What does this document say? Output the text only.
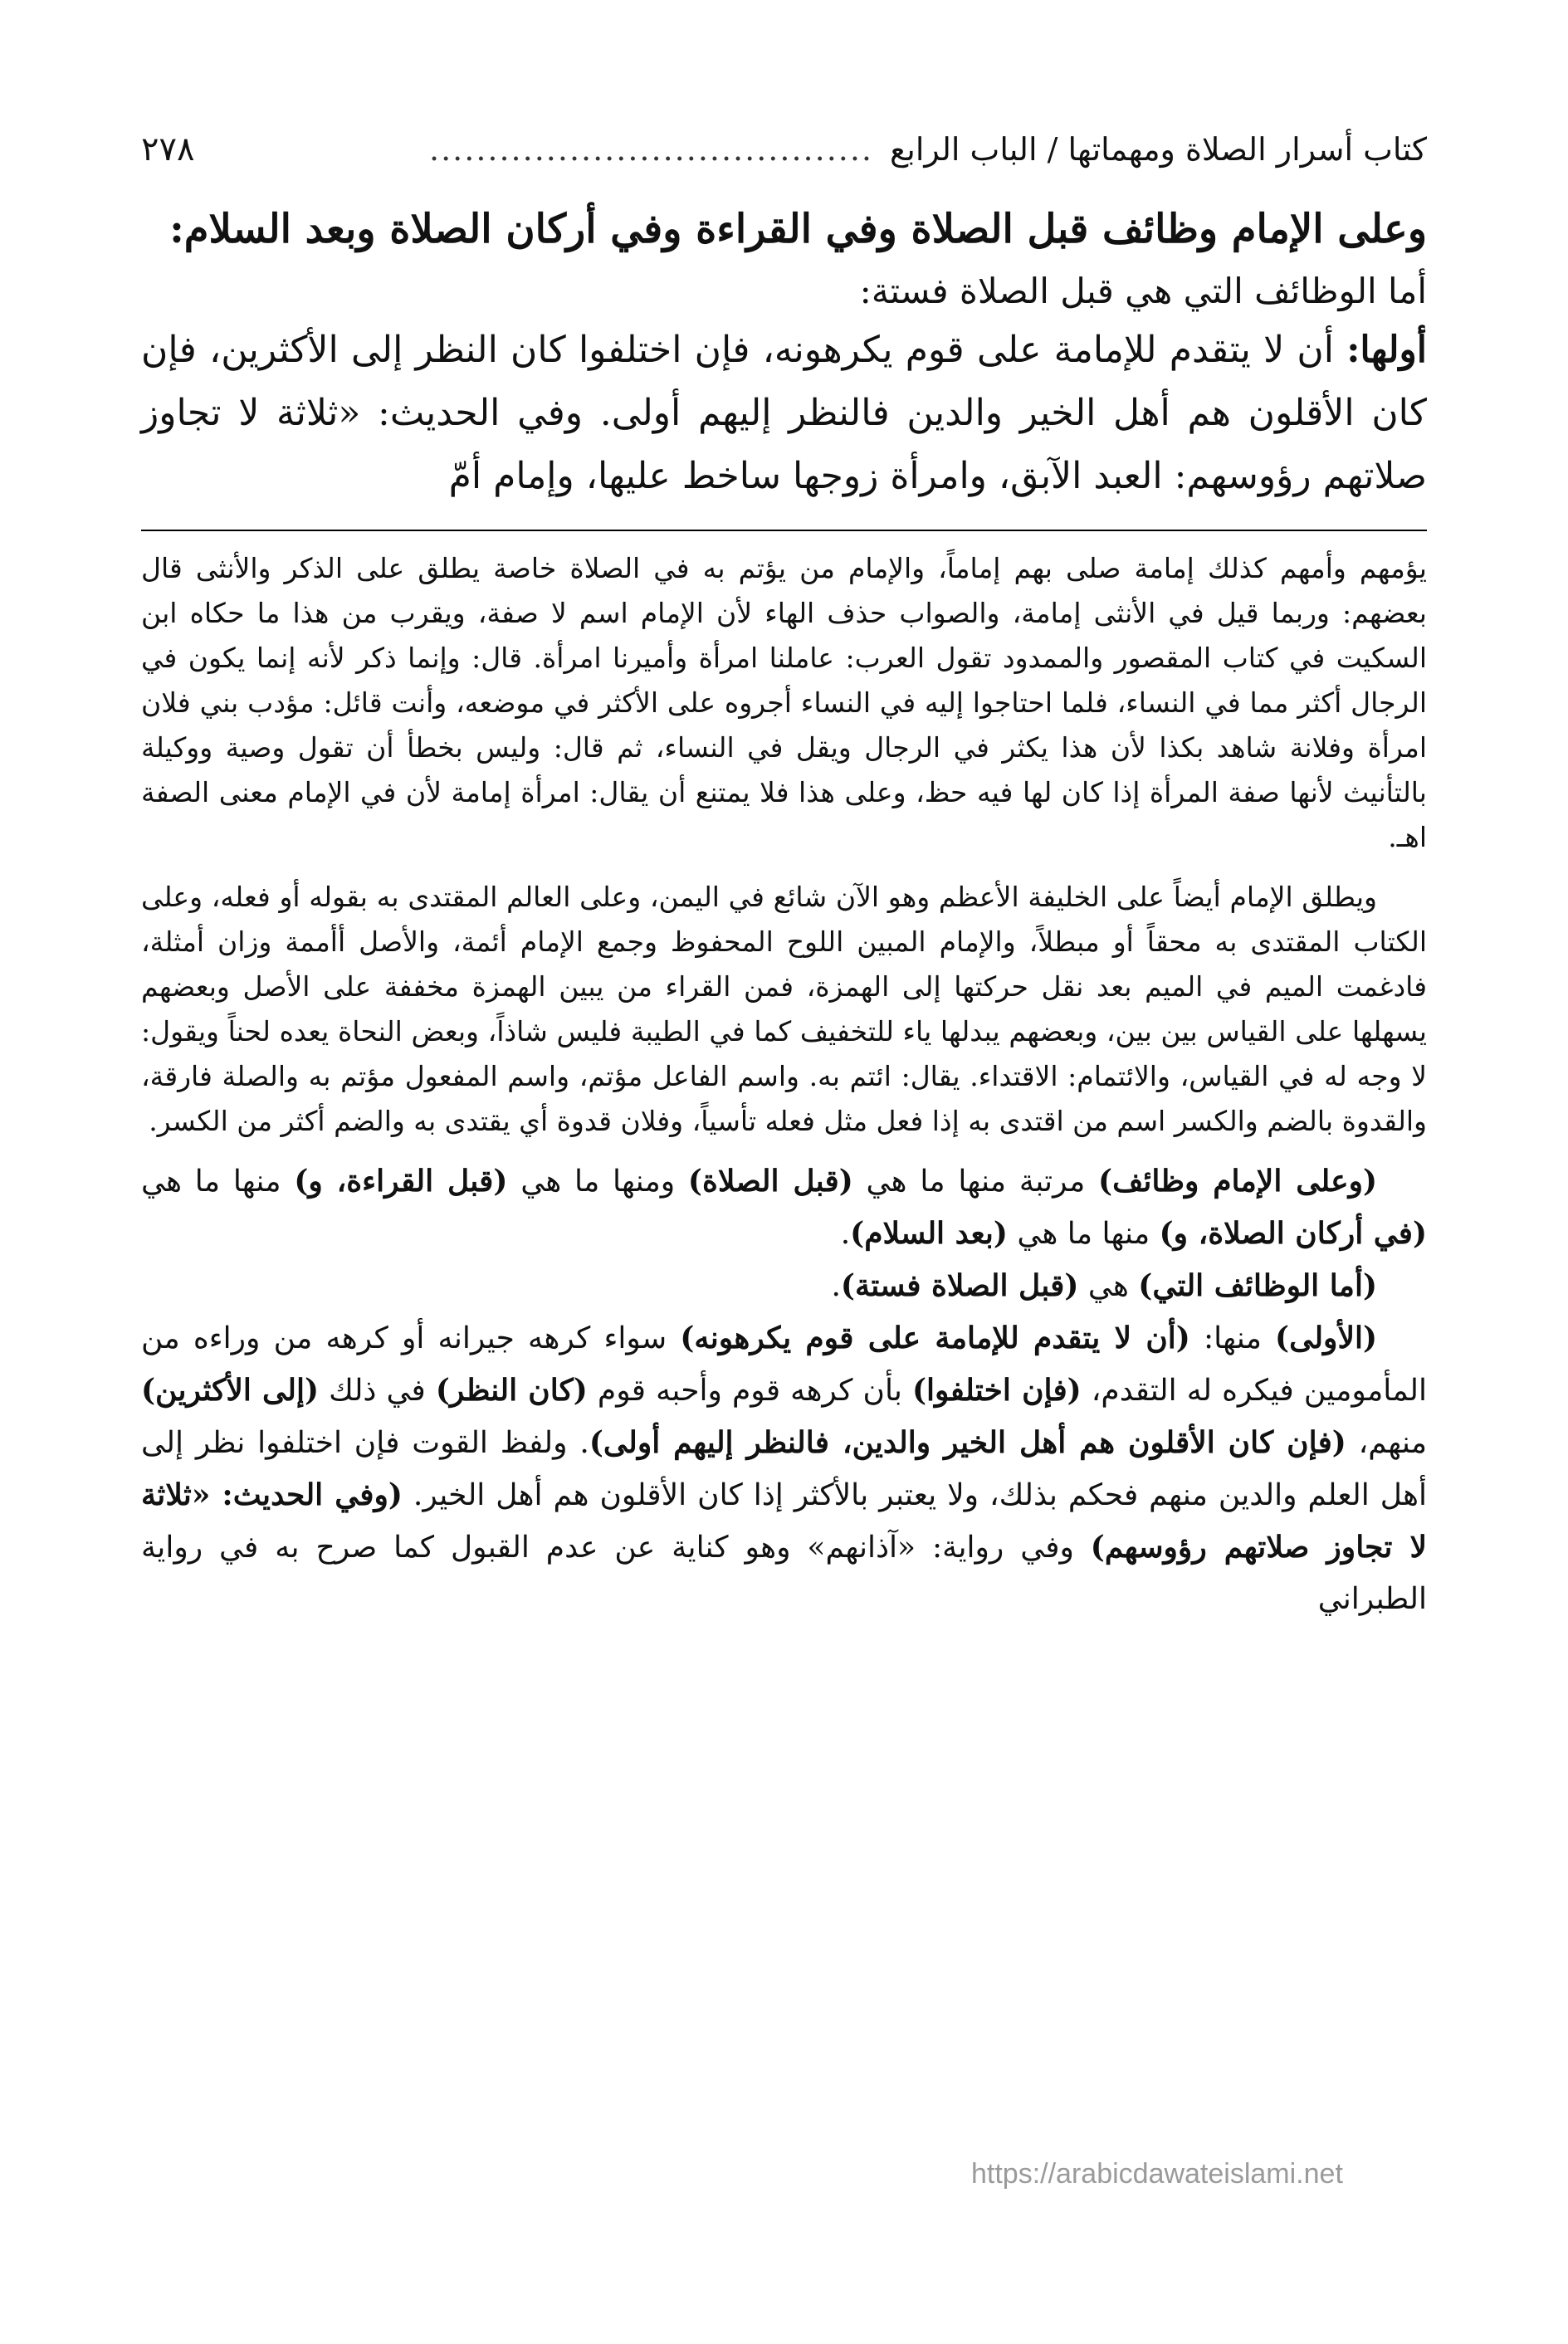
كتاب أسرار الصلاة ومهماتها / الباب الرابع
......................................
٢٧٨
وعلى الإمام وظائف قبل الصلاة وفي القراءة وفي أركان الصلاة وبعد السلام:
أما الوظائف التي هي قبل الصلاة فستة:

أولها: أن لا يتقدم للإمامة على قوم يكرهونه، فإن اختلفوا كان النظر إلى الأكثرين، فإن كان الأقلون هم أهل الخير والدين فالنظر إليهم أولى. وفي الحديث: «ثلاثة لا تجاوز صلاتهم رؤوسهم: العبد الآبق، وامرأة زوجها ساخط عليها، وإمام أمّ

يؤمهم وأمهم كذلك إمامة صلى بهم إماماً، والإمام من يؤتم به في الصلاة خاصة يطلق على الذكر والأنثى قال بعضهم: وربما قيل في الأنثى إمامة، والصواب حذف الهاء لأن الإمام اسم لا صفة، ويقرب من هذا ما حكاه ابن السكيت في كتاب المقصور والممدود تقول العرب: عاملنا امرأة وأميرنا امرأة. قال: وإنما ذكر لأنه إنما يكون في الرجال أكثر مما في النساء، فلما احتاجوا إليه في النساء أجروه على الأكثر في موضعه، وأنت قائل: مؤدب بني فلان امرأة وفلانة شاهد بكذا لأن هذا يكثر في الرجال ويقل في النساء، ثم قال: وليس بخطأ أن تقول وصية ووكيلة بالتأنيث لأنها صفة المرأة إذا كان لها فيه حظ، وعلى هذا فلا يمتنع أن يقال: امرأة إمامة لأن في الإمام معنى الصفة اهـ.

ويطلق الإمام أيضاً على الخليفة الأعظم وهو الآن شائع في اليمن، وعلى العالم المقتدى به بقوله أو فعله، وعلى الكتاب المقتدى به محقاً أو مبطلاً، والإمام المبين اللوح المحفوظ وجمع الإمام أئمة، والأصل أأممة وزان أمثلة، فادغمت الميم في الميم بعد نقل حركتها إلى الهمزة، فمن القراء من يبين الهمزة مخففة على الأصل وبعضهم يسهلها على القياس بين بين، وبعضهم يبدلها ياء للتخفيف كما في الطيبة فليس شاذاً، وبعض النحاة يعده لحناً ويقول: لا وجه له في القياس، والائتمام: الاقتداء. يقال: ائتم به. واسم الفاعل مؤتم، واسم المفعول مؤتم به والصلة فارقة، والقدوة بالضم والكسر اسم من اقتدى به إذا فعل مثل فعله تأسياً، وفلان قدوة أي يقتدى به والضم أكثر من الكسر.

(وعلى الإمام وظائف) مرتبة منها ما هي (قبل الصلاة) ومنها ما هي (قبل القراءة، و) منها ما هي (في أركان الصلاة، و) منها ما هي (بعد السلام).

(أما الوظائف التي) هي (قبل الصلاة فستة).

(الأولى) منها: (أن لا يتقدم للإمامة على قوم يكرهونه) سواء كرهه جيرانه أو كرهه من وراءه من المأمومين فيكره له التقدم، (فإن اختلفوا) بأن كرهه قوم وأحبه قوم (كان النظر) في ذلك (إلى الأكثرين) منهم، (فإن كان الأقلون هم أهل الخير والدين، فالنظر إليهم أولى). ولفظ القوت فإن اختلفوا نظر إلى أهل العلم والدين منهم فحكم بذلك، ولا يعتبر بالأكثر إذا كان الأقلون هم أهل الخير. (وفي الحديث: «ثلاثة لا تجاوز صلاتهم رؤوسهم) وفي رواية: «آذانهم» وهو كناية عن عدم القبول كما صرح به في رواية الطبراني

https://arabicdawateislami.net
